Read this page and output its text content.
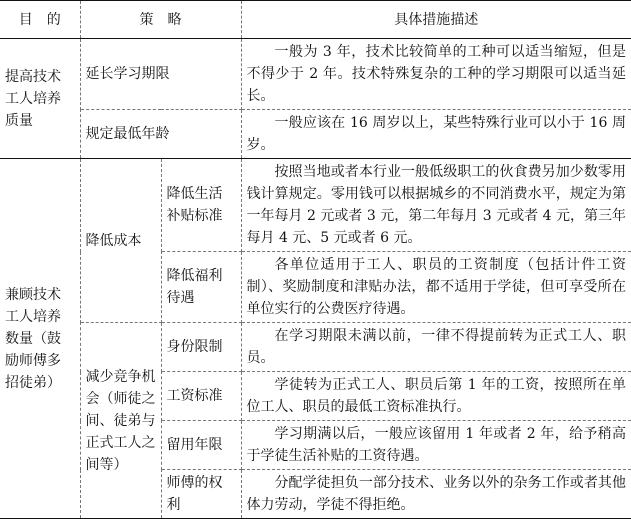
目　的	策　略		具体措施描述
提高技术工人培养质量	延长学习期限		一般为 3 年，技术比较简单的工种可以适当缩短，但是不得少于 2 年。技术特殊复杂的工种的学习期限可以适当延长。
	规定最低年龄		一般应该在 16 周岁以上，某些特殊行业可以小于 16 周岁。
兼顾技术工人培养数量（鼓励师傅多招徒弟）	降低成本	降低生活补贴标准	按照当地或者本行业一般低级职工的伙食费另加少数零用钱计算规定。零用钱可以根据城乡的不同消费水平，规定为第一年每月 2 元或者 3 元，第二年每月 3 元或者 4 元，第三年每月 4 元、5 元或者 6 元。
		降低福利待遇	各单位适用于工人、职员的工资制度（包括计件工资制）、奖励制度和津贴办法，都不适用于学徒，但可享受所在单位实行的公费医疗待遇。
	减少竞争机会（师徒之间、徒弟与正式工人之间等）	身份限制	在学习期限未满以前，一律不得提前转为正式工人、职员。
		工资标准	学徒转为正式工人、职员后第 1 年的工资，按照所在单位工人、职员的最低工资标准执行。
		留用年限	学习期满以后，一般应该留用 1 年或者 2 年，给予稍高于学徒生活补贴的工资待遇。
		师傅的权利	分配学徒担负一部分技术、业务以外的杂务工作或者其他体力劳动，学徒不得拒绝。
